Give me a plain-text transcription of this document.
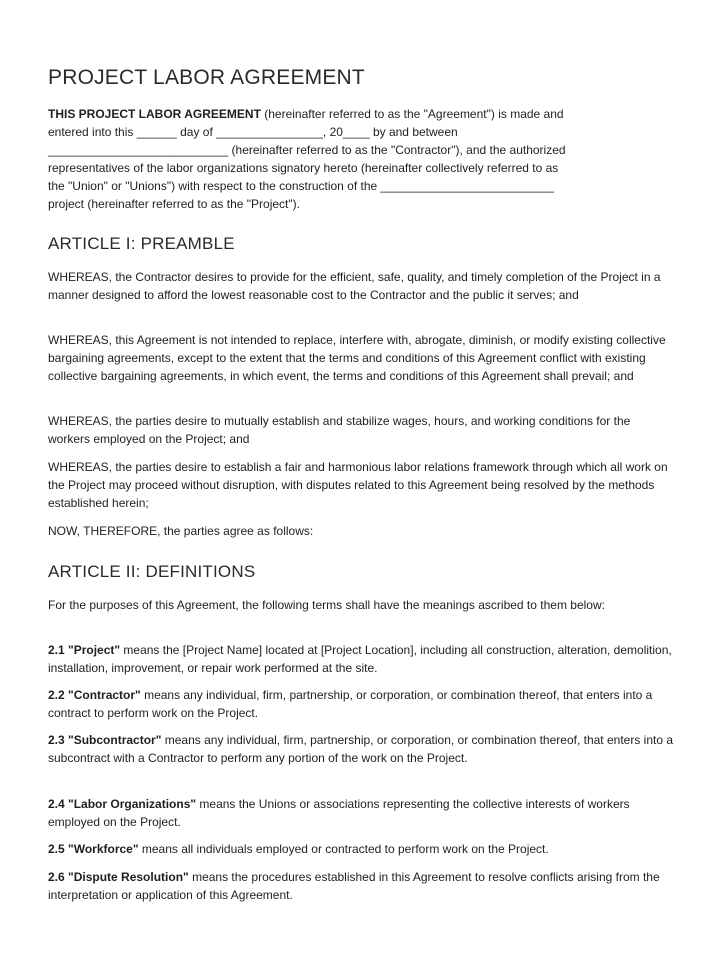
PROJECT LABOR AGREEMENT

THIS PROJECT LABOR AGREEMENT (hereinafter referred to as the "Agreement") is made and
entered into this ______ day of ________________, 20____ by and between
___________________________ (hereinafter referred to as the "Contractor"), and the authorized
representatives of the labor organizations signatory hereto (hereinafter collectively referred to as
the "Union" or "Unions") with respect to the construction of the __________________________
project (hereinafter referred to as the "Project").

ARTICLE I: PREAMBLE

WHEREAS, the Contractor desires to provide for the efficient, safe, quality, and timely completion of the Project in a manner designed to afford the lowest reasonable cost to the Contractor and the public it serves; and

WHEREAS, this Agreement is not intended to replace, interfere with, abrogate, diminish, or modify existing collective bargaining agreements, except to the extent that the terms and conditions of this Agreement conflict with existing collective bargaining agreements, in which event, the terms and conditions of this Agreement shall prevail; and

WHEREAS, the parties desire to mutually establish and stabilize wages, hours, and working conditions for the workers employed on the Project; and

WHEREAS, the parties desire to establish a fair and harmonious labor relations framework through which all work on the Project may proceed without disruption, with disputes related to this Agreement being resolved by the methods established herein;

NOW, THEREFORE, the parties agree as follows:

ARTICLE II: DEFINITIONS

For the purposes of this Agreement, the following terms shall have the meanings ascribed to them below:

2.1 "Project" means the [Project Name] located at [Project Location], including all construction, alteration, demolition, installation, improvement, or repair work performed at the site.

2.2 "Contractor" means any individual, firm, partnership, or corporation, or combination thereof, that enters into a contract to perform work on the Project.

2.3 "Subcontractor" means any individual, firm, partnership, or corporation, or combination thereof, that enters into a subcontract with a Contractor to perform any portion of the work on the Project.

2.4 "Labor Organizations" means the Unions or associations representing the collective interests of workers employed on the Project.

2.5 "Workforce" means all individuals employed or contracted to perform work on the Project.

2.6 "Dispute Resolution" means the procedures established in this Agreement to resolve conflicts arising from the interpretation or application of this Agreement.
